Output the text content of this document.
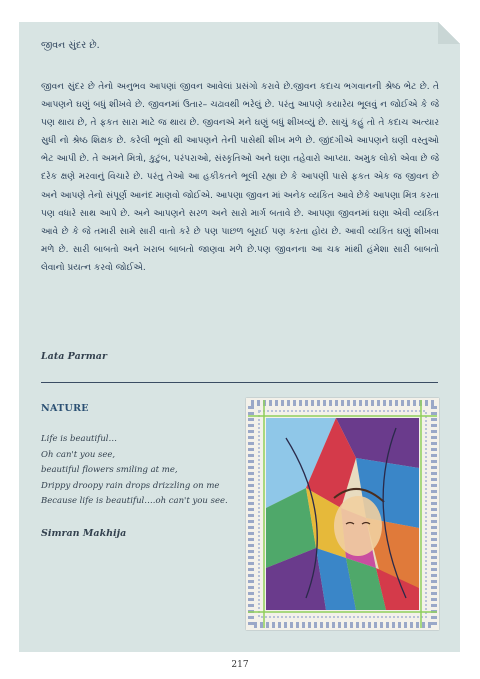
જીવન સુંદર છે.

જીવન સુંદર છે તેનો અનુભવ આપણાં જીવન આવેલાં પ્રસંગો કરાવે છે.જીવન કદાચ ભગવાનની શ્રેષ્ઠ ભેટ છે. તે આપણને ઘણું બધું શીખવે છે. જીવનમાં ઉતાર– ચઢાવથી ભરેલું છે. પરંતુ આપણે કયારેય ભૂલવું ન જોઈએ કે જે પણ થાય છે, તે ફકત સારા માટે જ થાય છે. જીવનએ મને ઘણું બધું શીખવ્યું છે. સાચું કહું તો તે કદાચ અત્યાર સુધી નો શ્રેષ્ઠ શિક્ષક છે. કરેલી ભૂલો થી આપણને તેની પાસેથી શીખ મળે છે. જીંદગીએ આપણને ઘણી વસ્તુઓ ભેટ આપી છે. તે અમને મિત્રો, કુટુંબ, પરંપરાઓ, સંસ્કૃતિઓ અને ઘણા તહેવારો આપ્યા. અમુક લોકો એવા છે જે દરેક ક્ષણે મરવાનું વિચારે છે. પરંતુ તેઓ આ હકીકતને ભૂલી રહ્યા છે કે આપણી પાસે ફકત એક જ જીવન છે અને આપણે તેનો સંપૂર્ણ આનંદ માણવો જોઈએ. આપણા જીવન માં અનેક વ્યકિત આવે છેકે આપણા મિત્ર કરતા પણ વધારે સાથ આપે છે. અને આપણને સરળ અને સારો માર્ગ બતાવે છે. આપણા જીવનમાં ઘણા એવી વ્યકિત આવે છે કે જે તમારી સામે સારી વાતો કરે છે પણ પાછળ બૂરાઈ પણ કરતા હોય છે. આવી વ્યકિત ઘણું શીખવા મળે છે. સારી બાબતો અને ખરાબ બાબતો જાણવા મળે છે.પણ જીવનના આ ચક્ર માંથી હંમેશા સારી બાબતો લેવાનો પ્રયત્ન કરવો જોઈએ.

Lata Parmar
NATURE
Life is beautiful…
Oh can't you see,
beautiful flowers smiling at me,
Drippy droopy rain drops drizzling on me
Because life is beautiful….oh can't you see.
Simran Makhija
217
